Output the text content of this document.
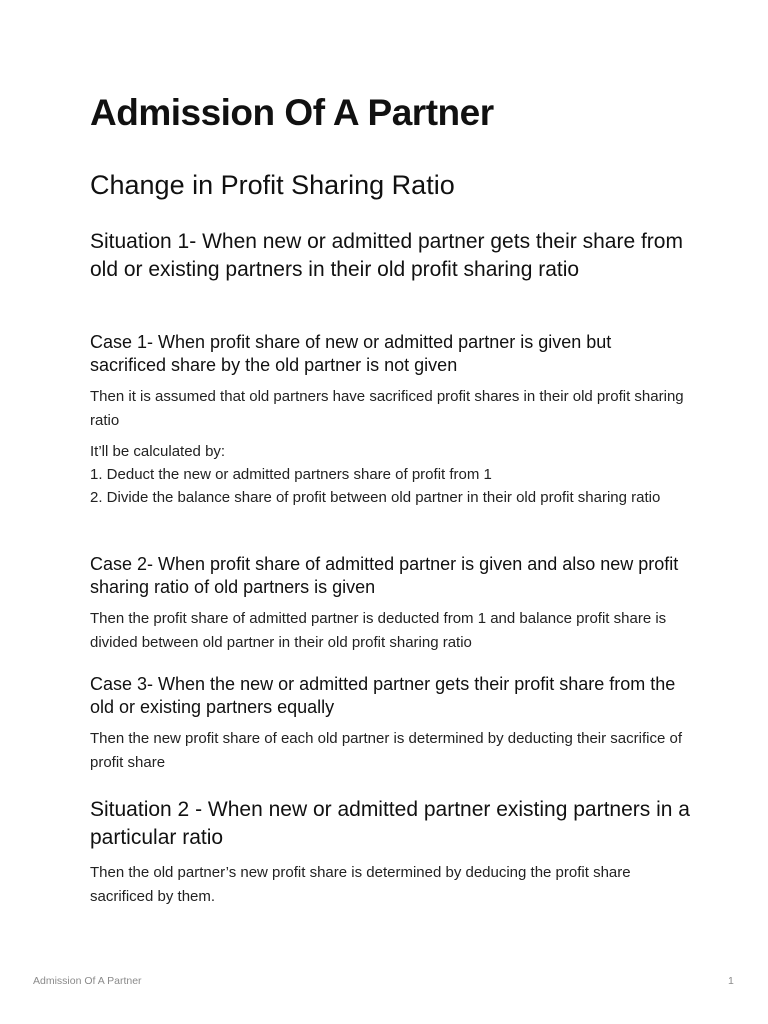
Admission Of A Partner
Change in Profit Sharing Ratio

Situation 1- When new or admitted partner gets their share from old or existing partners in their old profit sharing ratio

Case 1- When profit share of new or admitted partner is given but sacrificed share by the old partner is not given

Then it is assumed that old partners have sacrificed profit shares in their old profit sharing ratio

It’ll be calculated by:

1. Deduct the new or admitted partners share of profit from 1

2. Divide the balance share of profit between old partner in their old profit sharing ratio

Case 2- When profit share of admitted partner is given and also new profit sharing ratio of old partners is given

Then the profit share of admitted partner is deducted from 1 and balance profit share is divided between old partner in their old profit sharing ratio

Case 3- When the new or admitted partner gets their profit share from the old or existing partners equally

Then the new profit share of each old partner is determined by deducting their sacrifice of profit share

Situation 2 - When new or admitted partner existing partners in a particular ratio

Then the old partner’s new profit share is determined by deducing the profit share sacrificed by them.

Admission Of A Partner	1
